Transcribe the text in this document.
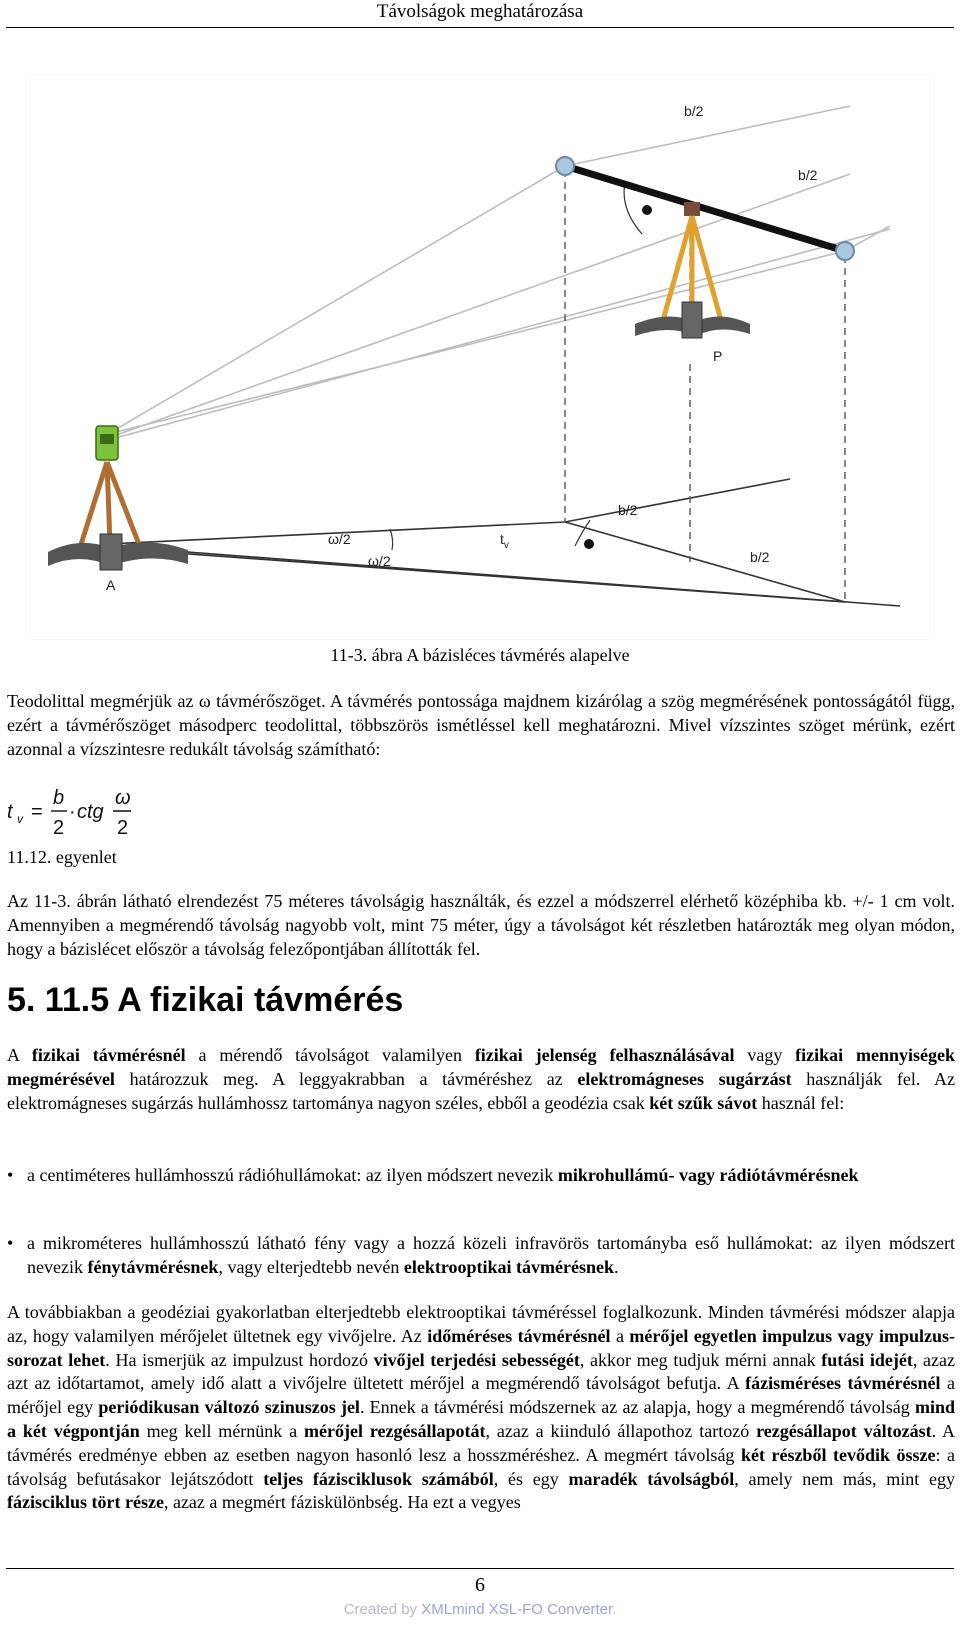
Távolságok meghatározása
b/2
b/2
P
b/2
b/2
ω/2
ω/2
$t_v$
A
11-3. ábra A bázisléces távmérés alapelve
Teodolittal megmérjük az ω távmérőszöget. A távmérés pontossága majdnem kizárólag a szög megmérésének pontosságától függ, ezért a távmérőszöget másodperc teodolittal, többszörös ismétléssel kell meghatározni. Mivel vízszintes szöget mérünk, ezért azonnal a vízszintesre redukált távolság számítható:
t v =
b
2
· ctg
ω
2
11.12. egyenlet
Az 11-3. ábrán látható elrendezést 75 méteres távolságig használták, és ezzel a módszerrel elérhető középhiba kb. +/- 1 cm volt. Amennyiben a megmérendő távolság nagyobb volt, mint 75 méter, úgy a távolságot két részletben határozták meg olyan módon, hogy a bázislécet először a távolság felezőpontjában állították fel.
5. 11.5 A fizikai távmérés
A fizikai távmérésnél a mérendő távolságot valamilyen fizikai jelenség felhasználásával vagy fizikai mennyiségek megmérésével határozzuk meg. A leggyakrabban a távméréshez az elektromágneses sugárzást használják fel. Az elektromágneses sugárzás hullámhossz tartománya nagyon széles, ebből a geodézia csak két szűk sávot használ fel:
• a centiméteres hullámhosszú rádióhullámokat: az ilyen módszert nevezik mikrohullámú- vagy rádiótávmérésnek
• a mikrométeres hullámhosszú látható fény vagy a hozzá közeli infravörös tartományba eső hullámokat: az ilyen módszert nevezik fénytávmérésnek, vagy elterjedtebb nevén elektrooptikai távmérésnek.
A továbbiakban a geodéziai gyakorlatban elterjedtebb elektrooptikai távméréssel foglalkozunk. Minden távmérési módszer alapja az, hogy valamilyen mérőjelet ültetnek egy vivőjelre. Az időméréses távmérésnél a mérőjel egyetlen impulzus vagy impulzus-sorozat lehet. Ha ismerjük az impulzust hordozó vivőjel terjedési sebességét, akkor meg tudjuk mérni annak futási idejét, azaz azt az időtartamot, amely idő alatt a vivőjelre ültetett mérőjel a megmérendő távolságot befutja. A fázisméréses távmérésnél a mérőjel egy periódikusan változó szinuszos jel. Ennek a távmérési módszernek az az alapja, hogy a megmérendő távolság mind a két végpontján meg kell mérnünk a mérőjel rezgésállapotát, azaz a kiinduló állapothoz tartozó rezgésállapot változást. A távmérés eredménye ebben az esetben nagyon hasonló lesz a hosszméréshez. A megmért távolság két részből tevődik össze: a távolság befutásakor lejátszódott teljes fázisciklusok számából, és egy maradék távolságból, amely nem más, mint egy fázisciklus tört része, azaz a megmért fáziskülönbség. Ha ezt a vegyes
6
Created by XMLmind XSL-FO Converter.
